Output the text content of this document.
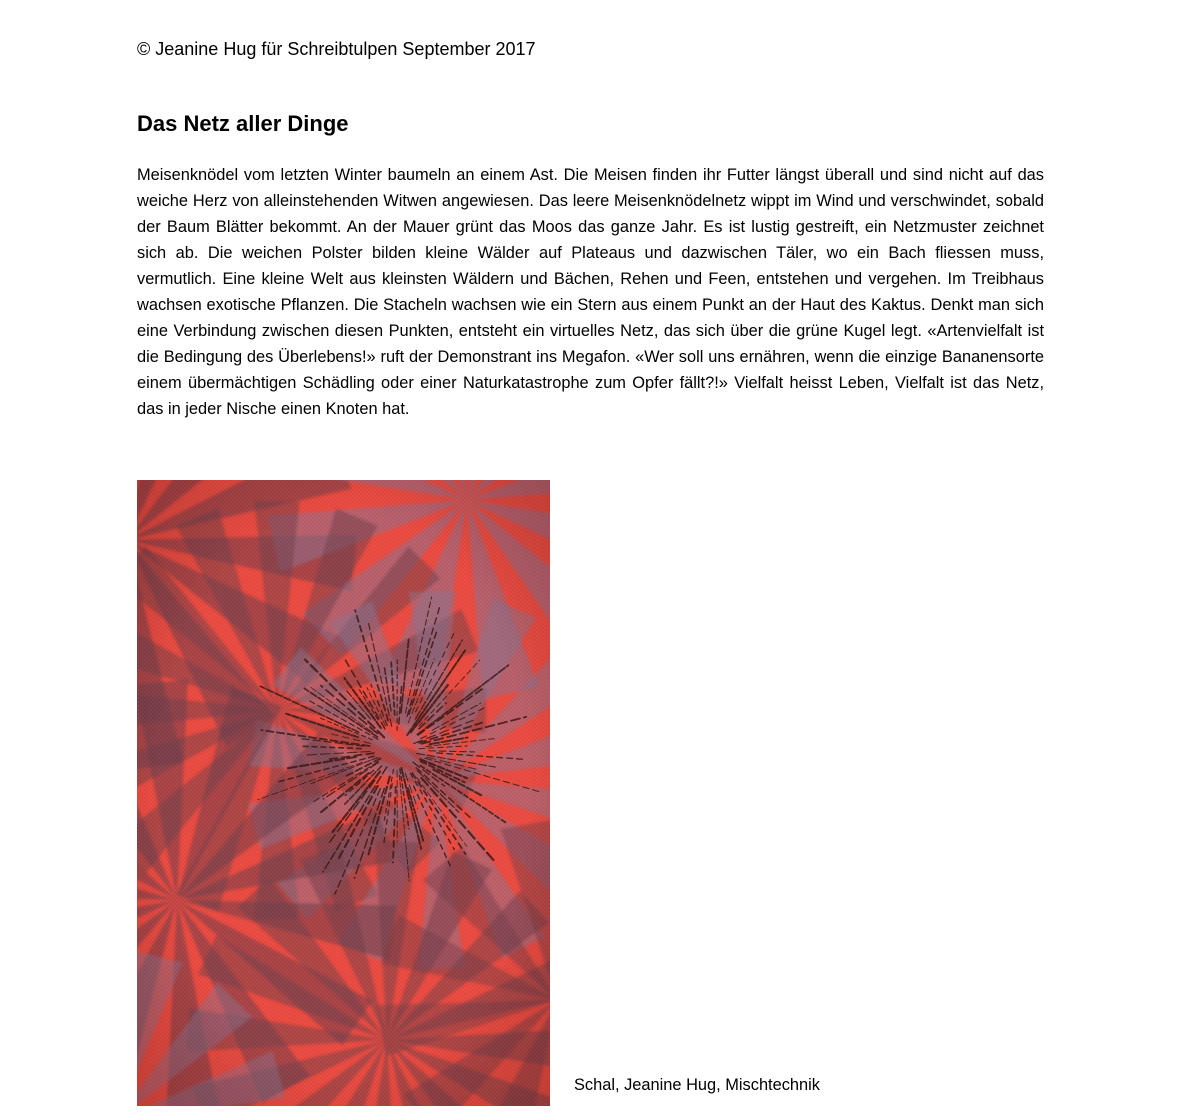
© Jeanine Hug für Schreibtulpen September 2017
Das Netz aller Dinge

Meisenknödel vom letzten Winter baumeln an einem Ast. Die Meisen finden ihr Futter längst überall und sind nicht auf das weiche Herz von alleinstehenden Witwen angewiesen. Das leere Meisenknödelnetz wippt im Wind und verschwindet, sobald der Baum Blätter bekommt. An der Mauer grünt das Moos das ganze Jahr. Es ist lustig gestreift, ein Netzmuster zeichnet sich ab. Die weichen Polster bilden kleine Wälder auf Plateaus und dazwischen Täler, wo ein Bach fliessen muss, vermutlich. Eine kleine Welt aus kleinsten Wäldern und Bächen, Rehen und Feen, entstehen und vergehen. Im Treibhaus wachsen exotische Pflanzen. Die Stacheln wachsen wie ein Stern aus einem Punkt an der Haut des Kaktus. Denkt man sich eine Verbindung zwischen diesen Punkten, entsteht ein virtuelles Netz, das sich über die grüne Kugel legt. «Artenvielfalt ist die Bedingung des Überlebens!» ruft der Demonstrant ins Megafon. «Wer soll uns ernähren, wenn die einzige Bananensorte einem übermächtigen Schädling oder einer Naturkatastrophe zum Opfer fällt?!» Vielfalt heisst Leben, Vielfalt ist das Netz, das in jeder Nische einen Knoten hat.

Schal, Jeanine Hug, Mischtechnik
